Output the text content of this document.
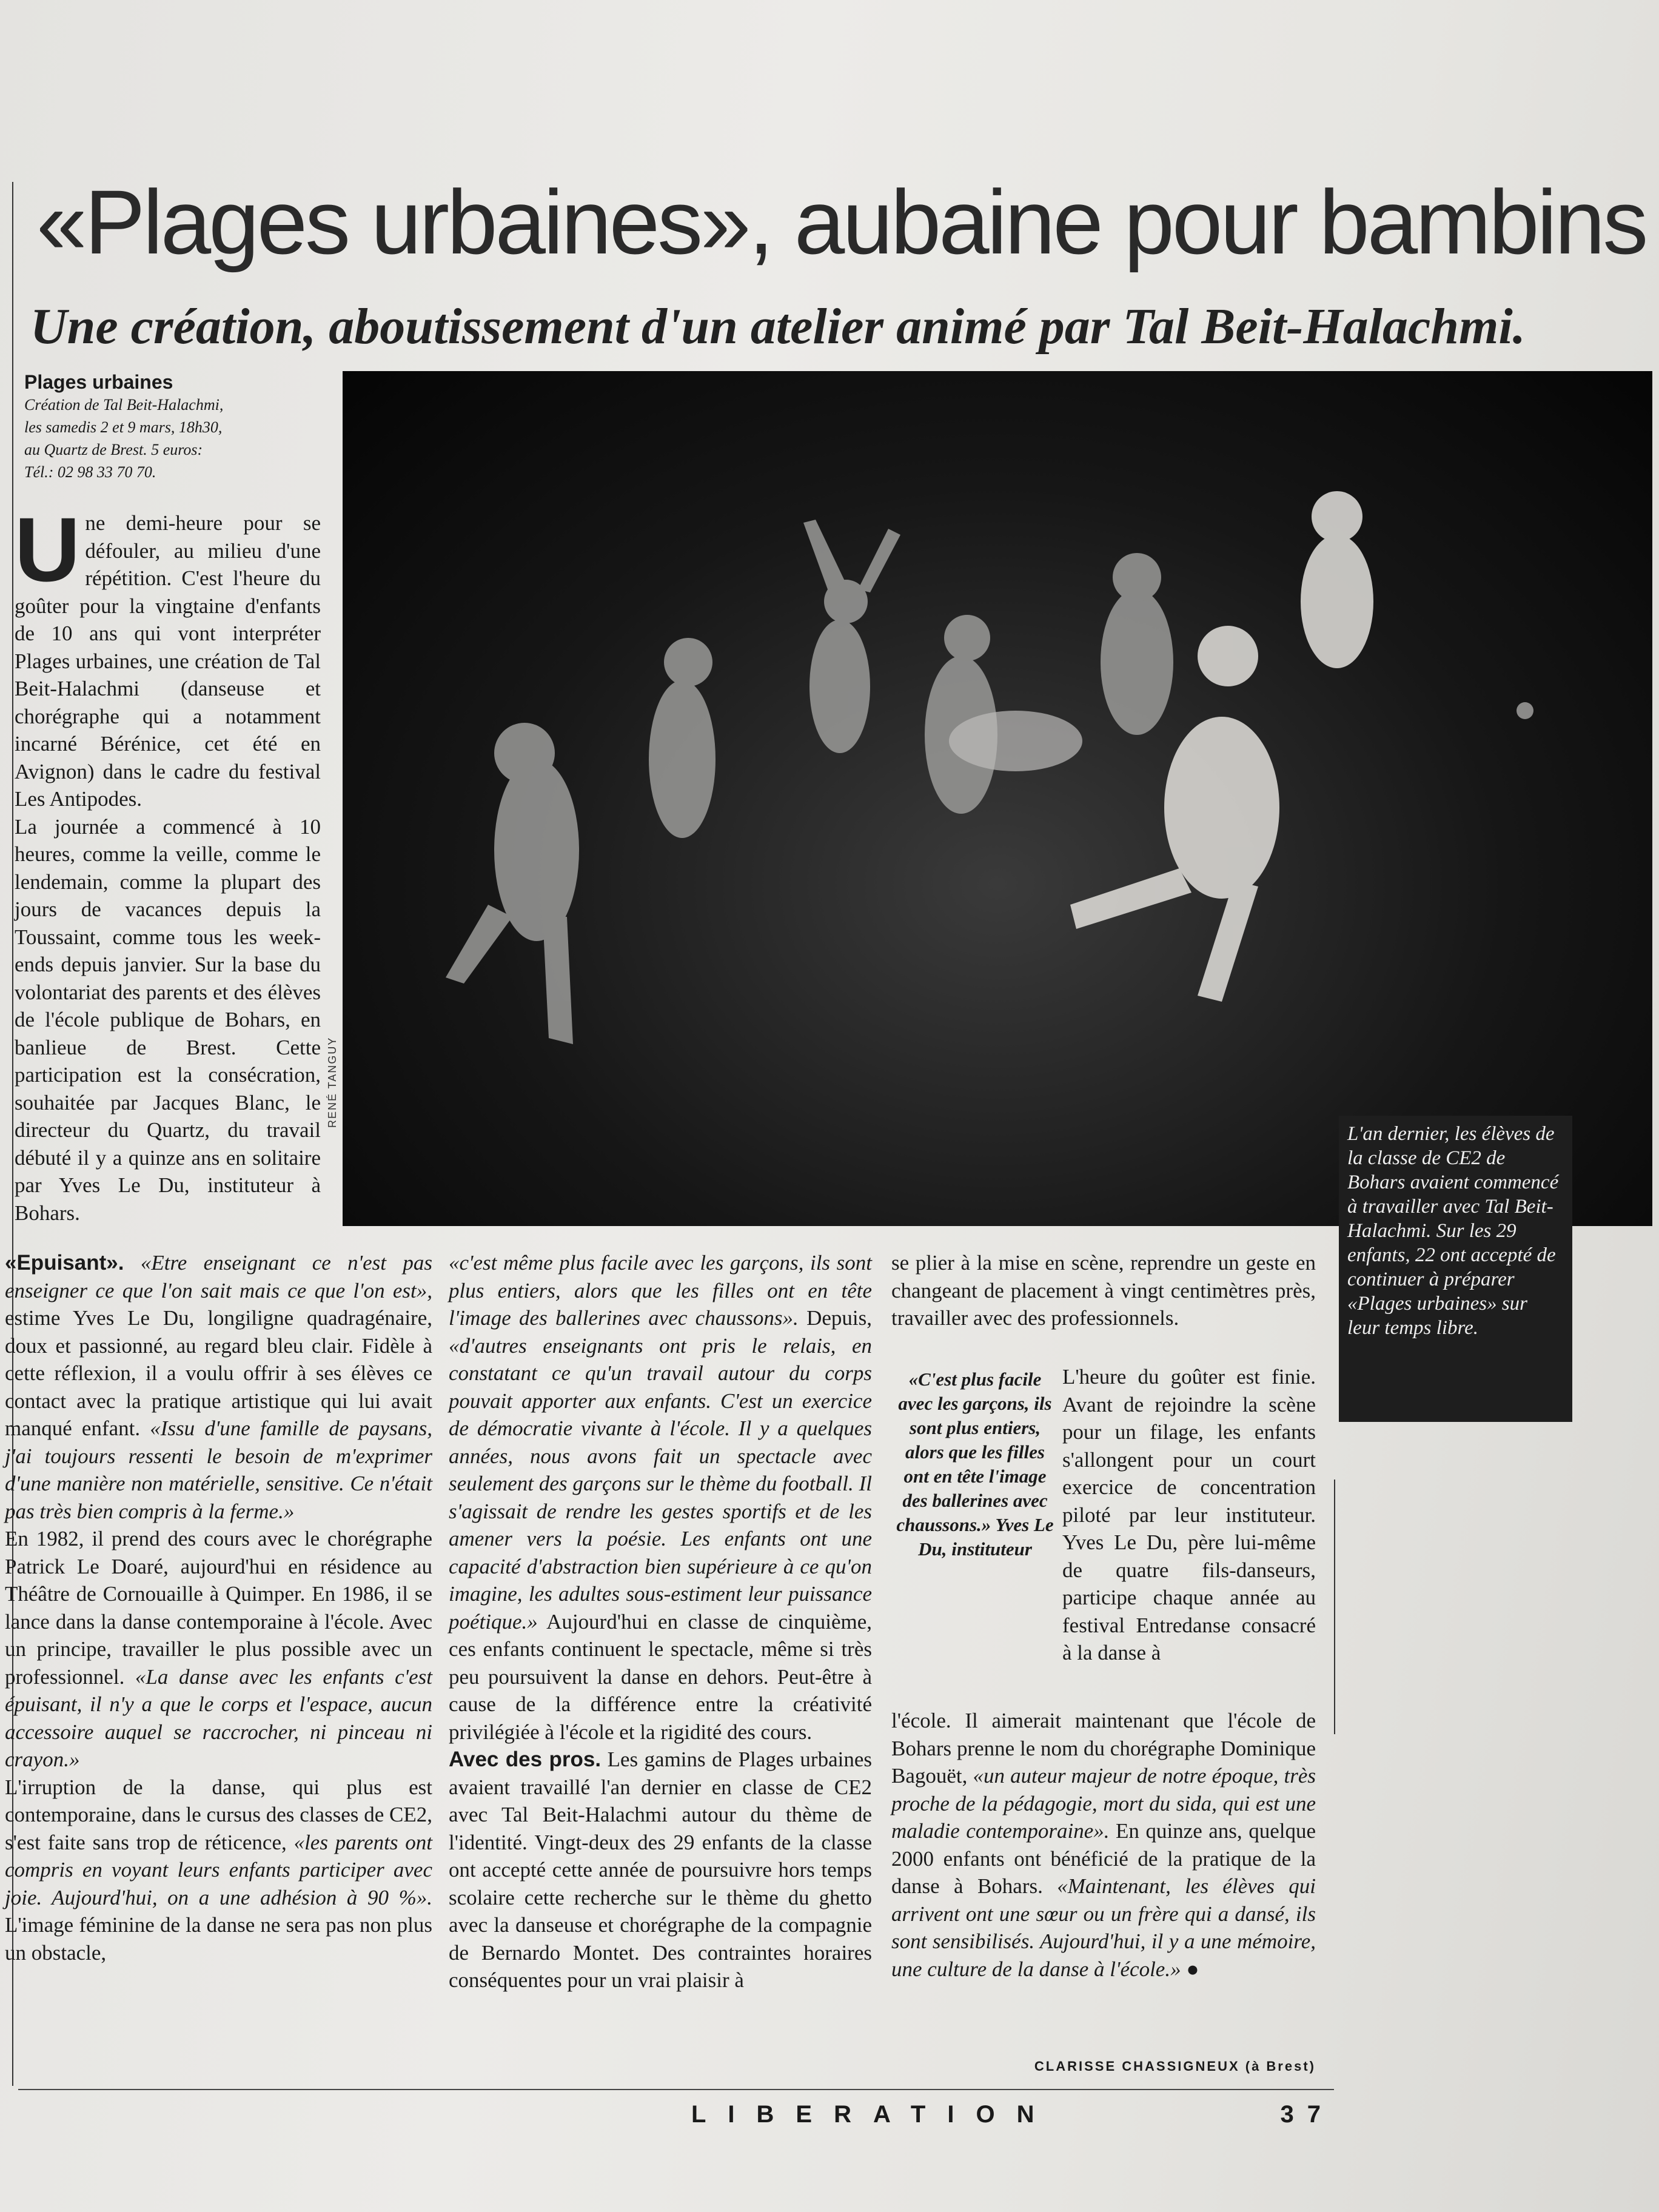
«Plages urbaines», aubaine pour bambins
Une création, aboutissement d'un atelier animé par Tal Beit-Halachmi.
Plages urbaines
Création de Tal Beit-Halachmi,
les samedis 2 et 9 mars, 18h30,
au Quartz de Brest. 5 euros:
Tél.: 02 98 33 70 70.
RENÉ TANGUY
L'an dernier, les élèves de la classe de CE2 de Bohars avaient commencé à travailler avec Tal Beit-Halachmi. Sur les 29 enfants, 22 ont accepté de continuer à préparer «Plages urbaines» sur leur temps libre.
U ne demi-heure pour se défouler, au milieu d'une répétition. C'est l'heure du goûter pour la vingtaine d'enfants de 10 ans qui vont interpréter Plages urbaines, une création de Tal Beit-Halachmi (danseuse et chorégraphe qui a notamment incarné Bérénice, cet été en Avignon) dans le cadre du festival Les Antipodes.
La journée a commencé à 10 heures, comme la veille, comme le lendemain, comme la plupart des jours de vacances depuis la Toussaint, comme tous les week-ends depuis janvier. Sur la base du volontariat des parents et des élèves de l'école publique de Bohars, en banlieue de Brest. Cette participation est la consécration, souhaitée par Jacques Blanc, le directeur du Quartz, du travail débuté il y a quinze ans en solitaire par Yves Le Du, instituteur à Bohars.
«Epuisant». «Etre enseignant ce n'est pas enseigner ce que l'on sait mais ce que l'on est», estime Yves Le Du, longiligne quadragénaire, doux et passionné, au regard bleu clair. Fidèle à cette réflexion, il a voulu offrir à ses élèves ce contact avec la pratique artistique qui lui avait manqué enfant. «Issu d'une famille de paysans, j'ai toujours ressenti le besoin de m'exprimer d'une manière non matérielle, sensitive. Ce n'était pas très bien compris à la ferme.»
En 1982, il prend des cours avec le chorégraphe Patrick Le Doaré, aujourd'hui en résidence au Théâtre de Cornouaille à Quimper. En 1986, il se lance dans la danse contemporaine à l'école. Avec un principe, travailler le plus possible avec un professionnel. «La danse avec les enfants c'est épuisant, il n'y a que le corps et l'espace, aucun accessoire auquel se raccrocher, ni pinceau ni crayon.»
L'irruption de la danse, qui plus est contemporaine, dans le cursus des classes de CE2, s'est faite sans trop de réticence, «les parents ont compris en voyant leurs enfants participer avec joie. Aujourd'hui, on a une adhésion à 90 %». L'image féminine de la danse ne sera pas non plus un obstacle,
«c'est même plus facile avec les garçons, ils sont plus entiers, alors que les filles ont en tête l'image des ballerines avec chaussons». Depuis, «d'autres enseignants ont pris le relais, en constatant ce qu'un travail autour du corps pouvait apporter aux enfants. C'est un exercice de démocratie vivante à l'école. Il y a quelques années, nous avons fait un spectacle avec seulement des garçons sur le thème du football. Il s'agissait de rendre les gestes sportifs et de les amener vers la poésie. Les enfants ont une capacité d'abstraction bien supérieure à ce qu'on imagine, les adultes sous-estiment leur puissance poétique.» Aujourd'hui en classe de cinquième, ces enfants continuent le spectacle, même si très peu poursuivent la danse en dehors. Peut-être à cause de la différence entre la créativité privilégiée à l'école et la rigidité des cours.
Avec des pros. Les gamins de Plages urbaines avaient travaillé l'an dernier en classe de CE2 avec Tal Beit-Halachmi autour du thème de l'identité. Vingt-deux des 29 enfants de la classe ont accepté cette année de poursuivre hors temps scolaire cette recherche sur le thème du ghetto avec la danseuse et chorégraphe de la compagnie de Bernardo Montet. Des contraintes horaires conséquentes pour un vrai plaisir à
se plier à la mise en scène, reprendre un geste en changeant de placement à vingt centimètres près, travailler avec des professionnels.
«C'est plus facile avec les garçons, ils sont plus entiers, alors que les filles ont en tête l'image des ballerines avec chaussons.» Yves Le Du, instituteur
L'heure du goûter est finie. Avant de rejoindre la scène pour un filage, les enfants s'allongent pour un court exercice de concentration piloté par leur instituteur. Yves Le Du, père lui-même de quatre fils-danseurs, participe chaque année au festival Entredanse consacré à la danse à
l'école. Il aimerait maintenant que l'école de Bohars prenne le nom du chorégraphe Dominique Bagouët, «un auteur majeur de notre époque, très proche de la pédagogie, mort du sida, qui est une maladie contemporaine». En quinze ans, quelque 2000 enfants ont bénéficié de la pratique de la danse à Bohars. «Maintenant, les élèves qui arrivent ont une sœur ou un frère qui a dansé, ils sont sensibilisés. Aujourd'hui, il y a une mémoire, une culture de la danse à l'école.» ●
CLARISSE CHASSIGNEUX (à Brest)
LIBERATION	37
